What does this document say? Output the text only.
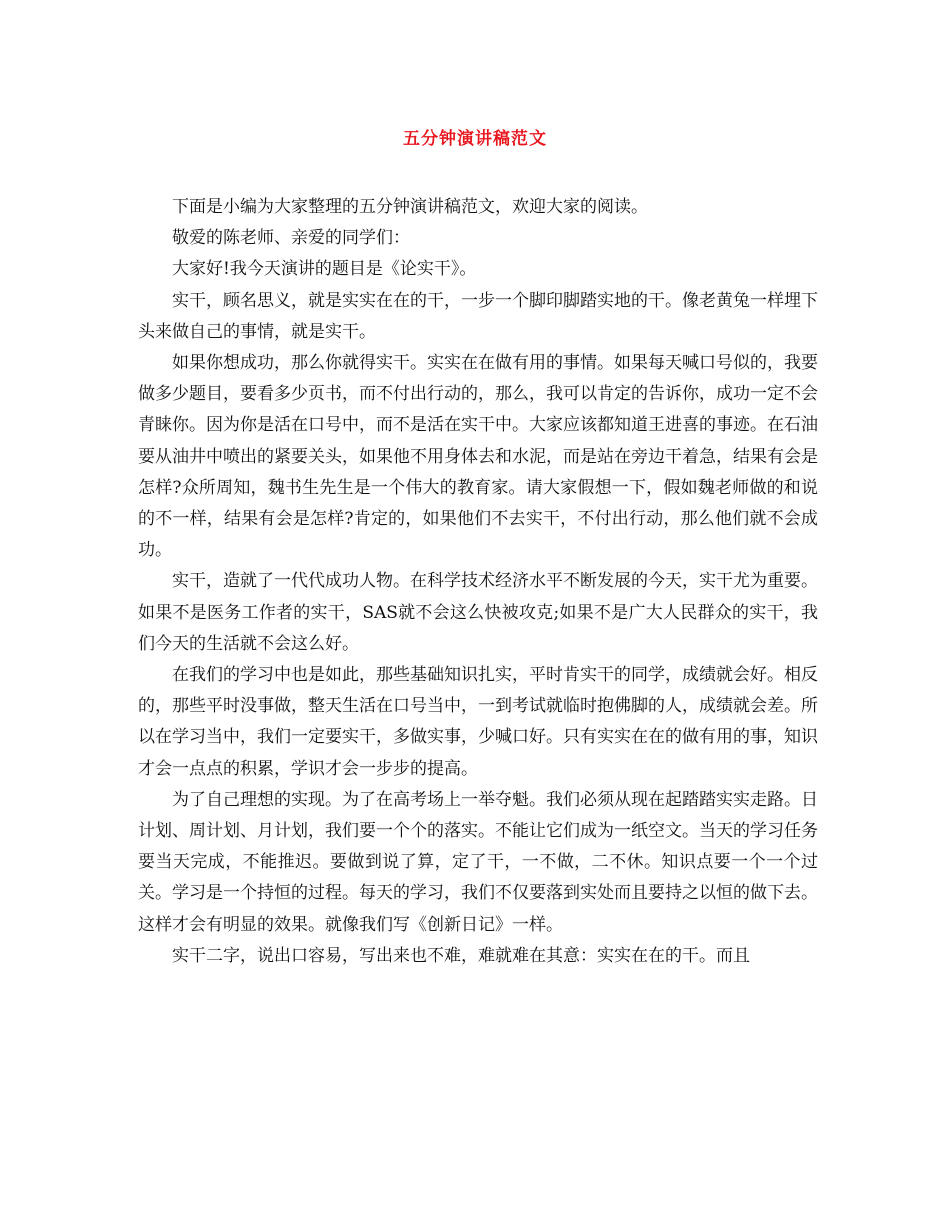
五分钟演讲稿范文

下面是小编为大家整理的五分钟演讲稿范文，欢迎大家的阅读。

敬爱的陈老师、亲爱的同学们：

大家好!我今天演讲的题目是《论实干》。

实干，顾名思义，就是实实在在的干，一步一个脚印脚踏实地的干。像老黄兔一样埋下头来做自己的事情，就是实干。

如果你想成功，那么你就得实干。实实在在做有用的事情。如果每天喊口号似的，我要做多少题目，要看多少页书，而不付出行动的，那么，我可以肯定的告诉你，成功一定不会青睐你。因为你是活在口号中，而不是活在实干中。大家应该都知道王进喜的事迹。在石油要从油井中喷出的紧要关头，如果他不用身体去和水泥，而是站在旁边干着急，结果有会是怎样?众所周知，魏书生先生是一个伟大的教育家。请大家假想一下，假如魏老师做的和说的不一样，结果有会是怎样?肯定的，如果他们不去实干，不付出行动，那么他们就不会成功。

实干，造就了一代代成功人物。在科学技术经济水平不断发展的今天，实干尤为重要。如果不是医务工作者的实干，SAS就不会这么快被攻克;如果不是广大人民群众的实干，我们今天的生活就不会这么好。

在我们的学习中也是如此，那些基础知识扎实，平时肯实干的同学，成绩就会好。相反的，那些平时没事做，整天生活在口号当中，一到考试就临时抱佛脚的人，成绩就会差。所以在学习当中，我们一定要实干，多做实事，少喊口好。只有实实在在的做有用的事，知识才会一点点的积累，学识才会一步步的提高。

为了自己理想的实现。为了在高考场上一举夺魁。我们必须从现在起踏踏实实走路。日计划、周计划、月计划，我们要一个个的落实。不能让它们成为一纸空文。当天的学习任务要当天完成，不能推迟。要做到说了算，定了干，一不做，二不休。知识点要一个一个过关。学习是一个持恒的过程。每天的学习，我们不仅要落到实处而且要持之以恒的做下去。这样才会有明显的效果。就像我们写《创新日记》一样。

实干二字，说出口容易，写出来也不难，难就难在其意：实实在在的干。而且
